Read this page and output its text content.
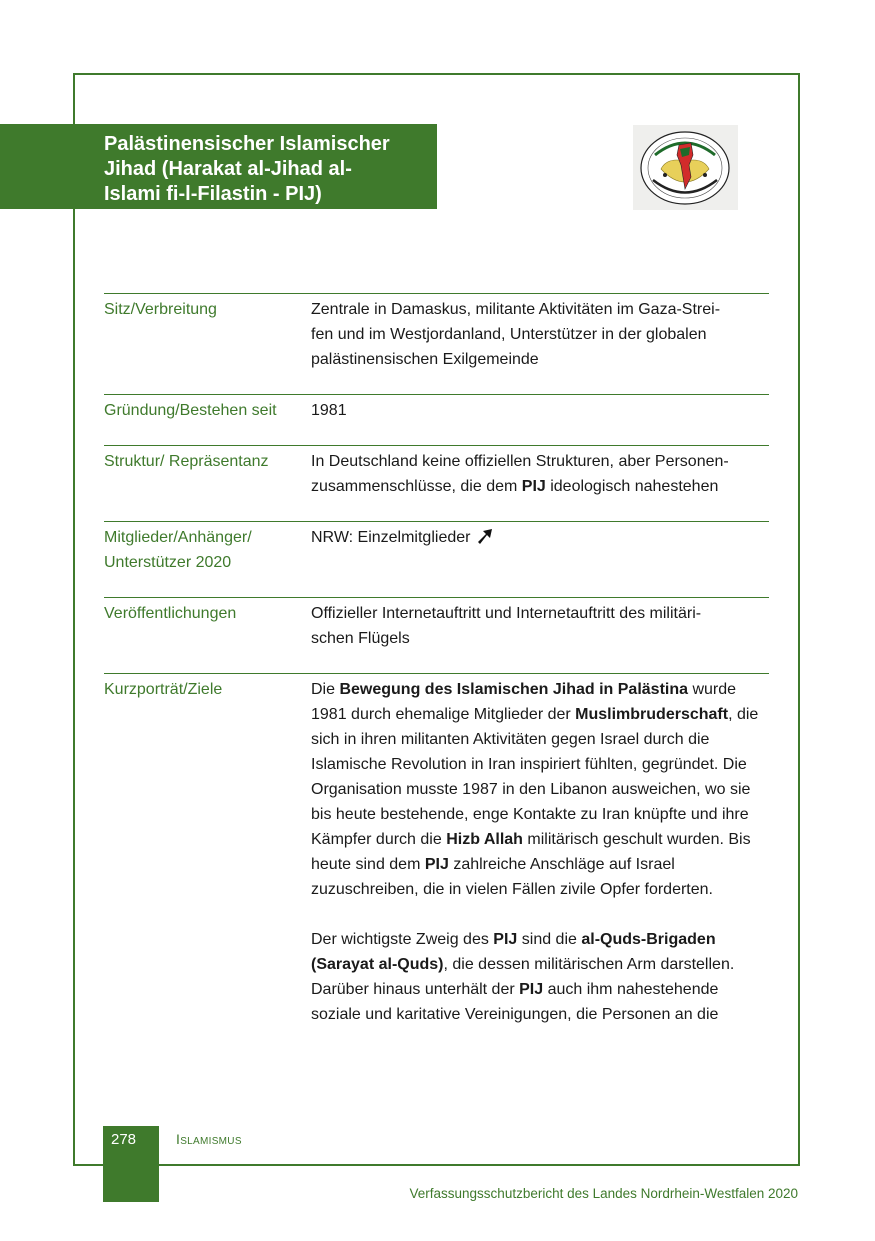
Palästinensischer Islamischer
Jihad (Harakat al-Jihad al-
Islami fi-l-Filastin - PIJ)
Sitz/Verbreitung	Zentrale in Damaskus, militante Aktivitäten im Gaza-Strei-
fen und im Westjordanland, Unterstützer in der globalen
palästinensischen Exilgemeinde
Gründung/Bestehen seit	1981
Struktur/ Repräsentanz	In Deutschland keine offiziellen Strukturen, aber Personen-
zusammenschlüsse, die dem PIJ ideologisch nahestehen
Mitglieder/Anhänger/
Unterstützer 2020	NRW: Einzelmitglieder
Veröffentlichungen	Offizieller Internetauftritt und Internetauftritt des militäri-
schen Flügels
Kurzporträt/Ziele	Die Bewegung des Islamischen Jihad in Palästina wurde 1981 durch ehemalige Mitglieder der Muslimbruderschaft, die sich in ihren militanten Aktivitäten gegen Israel durch die Islamische Revolution in Iran inspiriert fühlten, gegründet. Die Organisation musste 1987 in den Libanon ausweichen, wo sie bis heute bestehende, enge Kontakte zu Iran knüpfte und ihre Kämpfer durch die Hizb Allah militärisch geschult wurden. Bis heute sind dem PIJ zahlreiche Anschläge auf Israel zuzuschreiben, die in vielen Fällen zivile Opfer forderten.
Der wichtigste Zweig des PIJ sind die al-Quds-Brigaden (Sarayat al-Quds), die dessen militärischen Arm darstellen. Darüber hinaus unterhält der PIJ auch ihm nahestehende soziale und karitative Vereinigungen, die Personen an die
278	Islamismus
Verfassungsschutzbericht des Landes Nordrhein-Westfalen 2020
